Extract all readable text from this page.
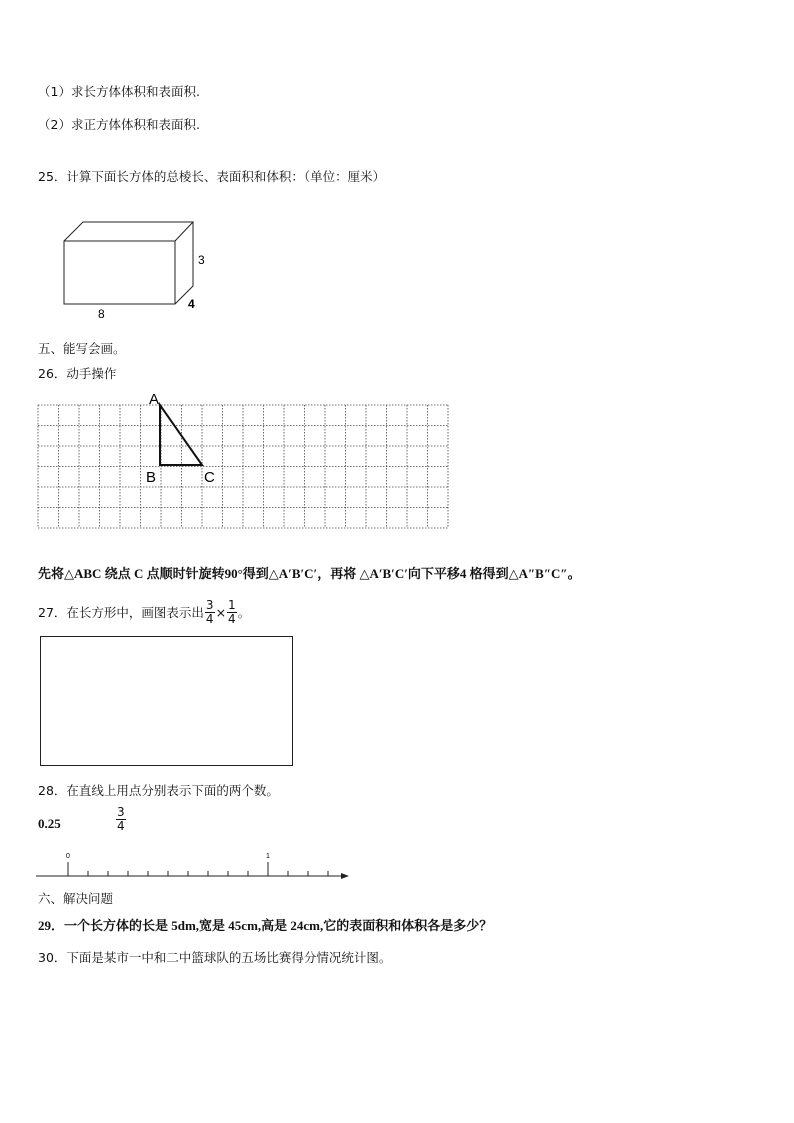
（1）求长方体体积和表面积.
（2）求正方体体积和表面积.
25．计算下面长方体的总棱长、表面积和体积：（单位：厘米）
3
4
8
五、能写会画。
26．动手操作
A
B	C
先将△ABC 绕点 C 点顺时针旋转90°得到△A′B′C′，再将 △A′B′C′向下平移4 格得到△A″B″C″。
27．在长方形中，画图表示出 $\frac{3}{4} \times \frac{1}{4}$ 。
28．在直线上用点分别表示下面的两个数。
0.25	$\frac{3}{4}$
0	1
六、解决问题
29．一个长方体的长是 5dm,宽是 45cm,高是 24cm,它的表面积和体积各是多少？
30．下面是某市一中和二中篮球队的五场比赛得分情况统计图。
